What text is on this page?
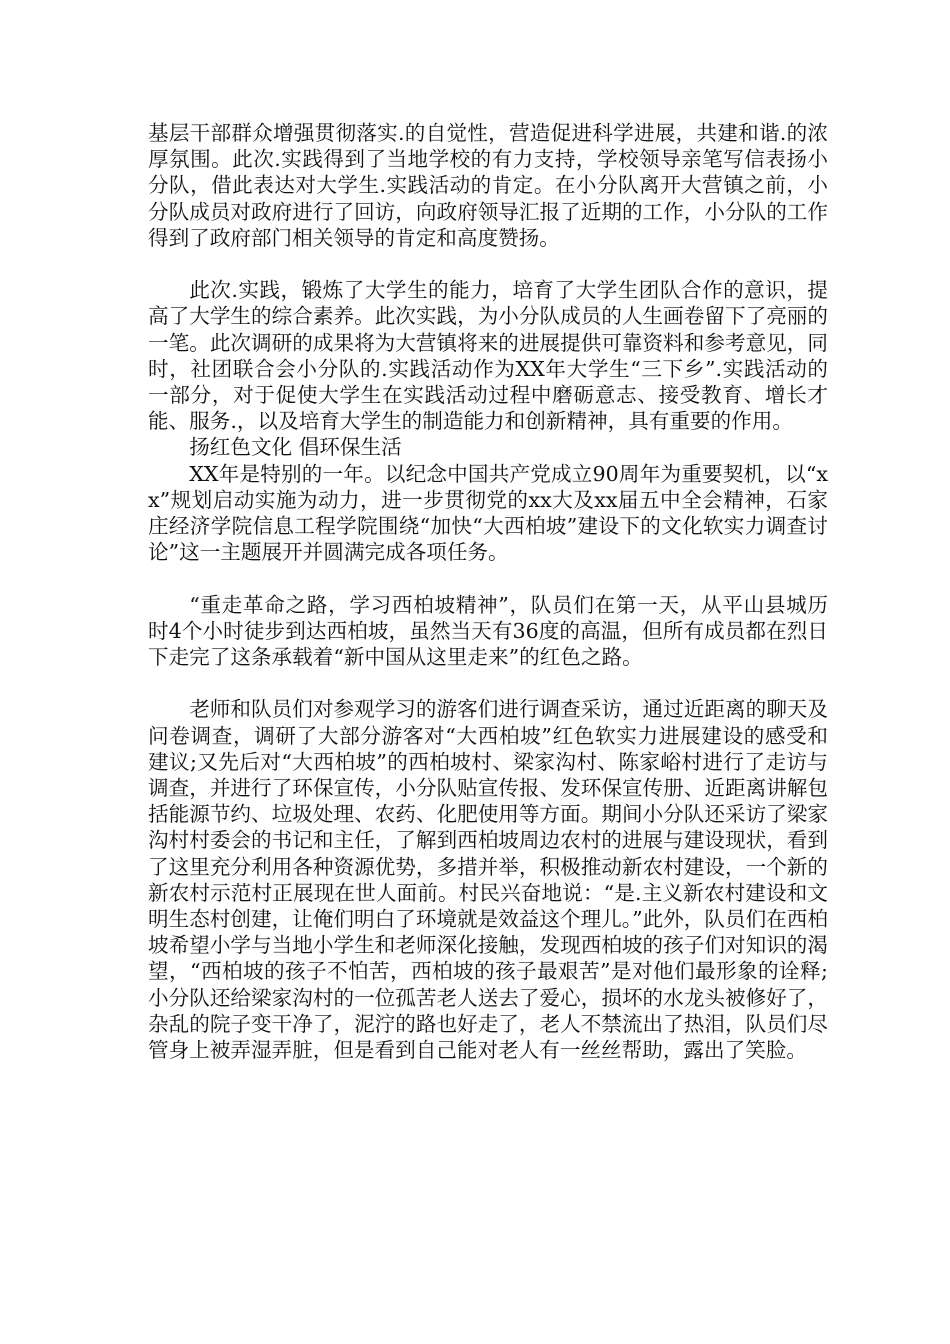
基层干部群众增强贯彻落实.的自觉性，营造促进科学进展，共建和谐.的浓厚氛围。此次.实践得到了当地学校的有力支持，学校领导亲笔写信表扬小分队，借此表达对大学生.实践活动的肯定。在小分队离开大营镇之前，小分队成员对政府进行了回访，向政府领导汇报了近期的工作，小分队的工作得到了政府部门相关领导的肯定和高度赞扬。

此次.实践，锻炼了大学生的能力，培育了大学生团队合作的意识，提高了大学生的综合素养。此次实践，为小分队成员的人生画卷留下了亮丽的一笔。此次调研的成果将为大营镇将来的进展提供可靠资料和参考意见，同时，社团联合会小分队的.实践活动作为XX年大学生“三下乡”.实践活动的一部分，对于促使大学生在实践活动过程中磨砺意志、接受教育、增长才能、服务.，以及培育大学生的制造能力和创新精神，具有重要的作用。

扬红色文化 倡环保生活

XX年是特别的一年。以纪念中国共产党成立90周年为重要契机，以“xx”规划启动实施为动力，进一步贯彻党的xx大及xx届五中全会精神，石家庄经济学院信息工程学院围绕“加快“大西柏坡”建设下的文化软实力调查讨论”这一主题展开并圆满完成各项任务。

“重走革命之路，学习西柏坡精神”，队员们在第一天，从平山县城历时4个小时徒步到达西柏坡，虽然当天有36度的高温，但所有成员都在烈日下走完了这条承载着“新中国从这里走来”的红色之路。

老师和队员们对参观学习的游客们进行调查采访，通过近距离的聊天及问卷调查，调研了大部分游客对“大西柏坡”红色软实力进展建设的感受和建议;又先后对“大西柏坡”的西柏坡村、梁家沟村、陈家峪村进行了走访与调查，并进行了环保宣传，小分队贴宣传报、发环保宣传册、近距离讲解包括能源节约、垃圾处理、农药、化肥使用等方面。期间小分队还采访了梁家沟村村委会的书记和主任，了解到西柏坡周边农村的进展与建设现状，看到了这里充分利用各种资源优势，多措并举，积极推动新农村建设，一个新的新农村示范村正展现在世人面前。村民兴奋地说：“是.主义新农村建设和文明生态村创建，让俺们明白了环境就是效益这个理儿。”此外，队员们在西柏坡希望小学与当地小学生和老师深化接触，发现西柏坡的孩子们对知识的渴望，“西柏坡的孩子不怕苦，西柏坡的孩子最艰苦”是对他们最形象的诠释;小分队还给梁家沟村的一位孤苦老人送去了爱心，损坏的水龙头被修好了，杂乱的院子变干净了，泥泞的路也好走了，老人不禁流出了热泪，队员们尽管身上被弄湿弄脏，但是看到自己能对老人有一丝丝帮助，露出了笑脸。
